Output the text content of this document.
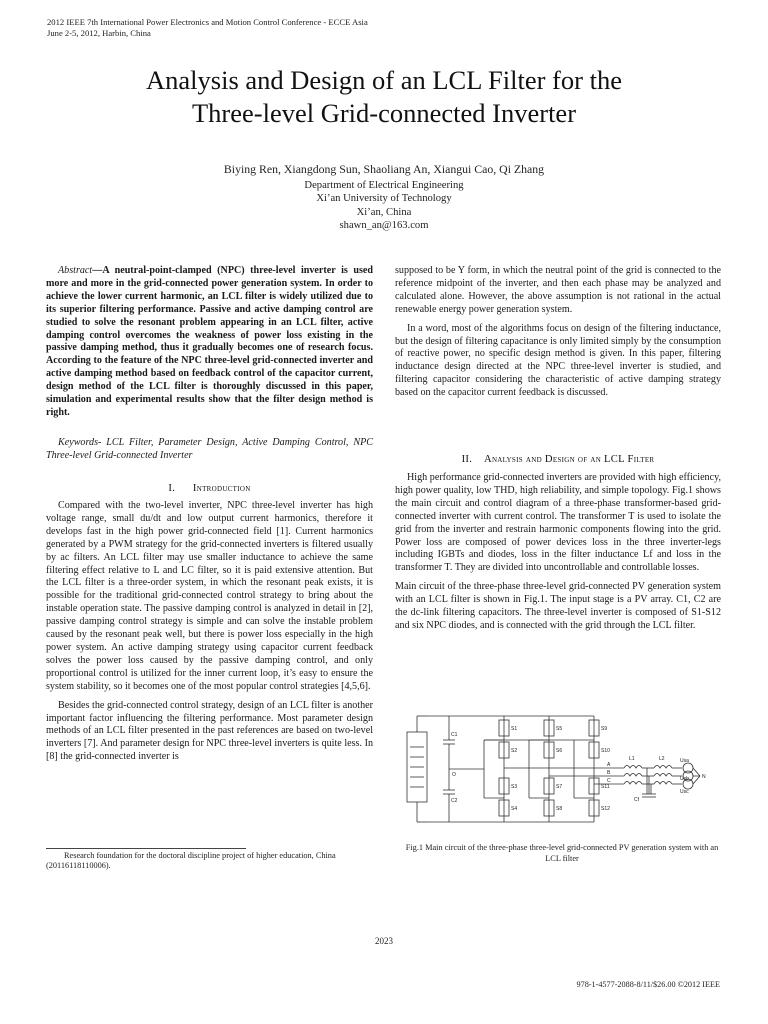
2012 IEEE 7th International Power Electronics and Motion Control Conference - ECCE Asia
June 2-5, 2012, Harbin, China
Analysis and Design of an LCL Filter for the
Three-level Grid-connected Inverter
Biying Ren, Xiangdong Sun, Shaoliang An, Xiangui Cao, Qi Zhang
Department of Electrical Engineering
Xi’an University of Technology
Xi’an, China
shawn_an@163.com
Abstract—A neutral-point-clamped (NPC) three-level inverter is used more and more in the grid-connected power generation system. In order to achieve the lower current harmonic, an LCL filter is widely utilized due to its superior filtering performance. Passive and active damping control are studied to solve the resonant problem appearing in an LCL filter, active damping control overcomes the weakness of power loss existing in the passive damping method, thus it gradually becomes one of research focus. According to the feature of the NPC three-level grid-connected inverter and active damping method based on feedback control of the capacitor current, design method of the LCL filter is thoroughly discussed in this paper, simulation and experimental results show that the filter design method is right.
Keywords- LCL Filter, Parameter Design, Active Damping Control, NPC Three-level Grid-connected Inverter
I. Introduction

Compared with the two-level inverter, NPC three-level inverter has high voltage range, small du/dt and low output current harmonics, therefore it develops fast in the high power grid-connected field [1]. Current harmonics generated by a PWM strategy for the grid-connected inverters is filtered usually by ac filters. An LCL filter may use smaller inductance to achieve the same filtering effect relative to L and LC filter, so it is paid extensive attention. But the LCL filter is a three-order system, in which the resonant peak exists, it is possible for the traditional grid-connected control strategy to bring about the instable operation state. The passive damping control is analyzed in detail in [2], passive damping control strategy is simple and can solve the instable problem caused by the resonant peak well, but there is power loss especially in the high power system. An active damping strategy using capacitor current feedback solves the power loss caused by the passive damping control, and only proportional control is utilized for the inner current loop, it’s easy to ensure the system stability, so it becomes one of the most popular control strategies [4,5,6].

Besides the grid-connected control strategy, design of an LCL filter is another important factor influencing the filtering performance. Most parameter design methods of an LCL filter presented in the past references are based on two-level inverters [7]. And parameter design for NPC three-level inverters is quite less. In [8] the grid-connected inverter is

Research foundation for the doctoral discipline project of higher education, China (20116118110006).

supposed to be Y form, in which the neutral point of the grid is connected to the reference midpoint of the inverter, and then each phase may be analyzed and calculated alone. However, the above assumption is not rational in the actual renewable energy power generation system.

In a word, most of the algorithms focus on design of the filtering inductance, but the design of filtering capacitance is only limited simply by the consumption of reactive power, no specific design method is given. In this paper, filtering inductance design directed at the NPC three-level inverter is studied, and filtering capacitor considering the characteristic of active damping strategy based on the capacitor current feedback is discussed.

II. Analysis and Design of an LCL Filter

High performance grid-connected inverters are provided with high efficiency, high power quality, low THD, high reliability, and simple topology. Fig.1 shows the main circuit and control diagram of a three-phase transformer-based grid-connected inverter with current control. The transformer T is used to isolate the grid from the inverter and restrain harmonic components flowing into the grid. Power loss are composed of power devices loss in the three inverter-legs including IGBTs and diodes, loss in the filter inductance Lf and loss in the transformer T. They are divided into uncontrollable and controllable losses.

Main circuit of the three-phase three-level grid-connected PV generation system with an LCL filter is shown in Fig.1. The input stage is a PV array. C1, C2 are the dc-link filtering capacitors. The three-level inverter is composed of S1-S12 and six NPC diodes, and is connected with the grid through the LCL filter.

C1
C2
O
S1	S5	S9
S2	S6	S10
S3	S7	S11
S4	S8	S12
A
B
C
L1	L2
Cf
Usa
Usb
Usc
N
Fig.1 Main circuit of the three-phase three-level grid-connected PV generation system with an LCL filter
2023
978-1-4577-2088-8/11/$26.00 ©2012 IEEE
